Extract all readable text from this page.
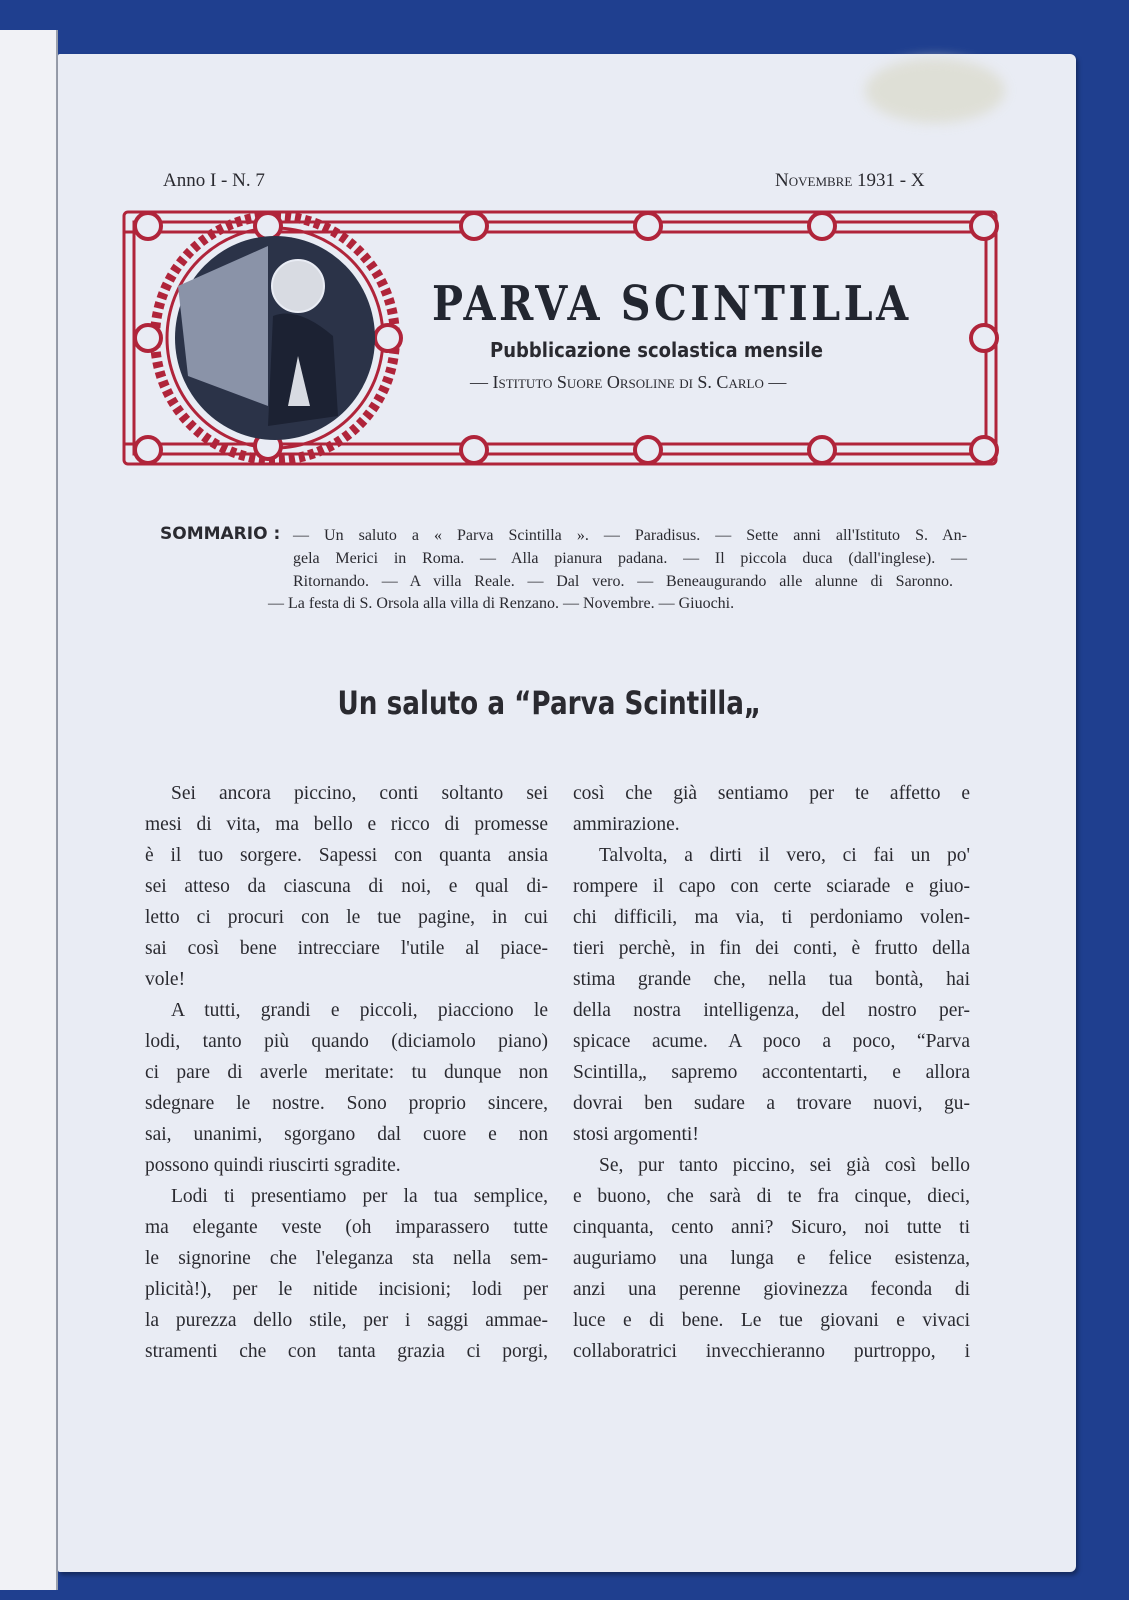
Anno I - N. 7	Novembre 1931 - X
PARVA SCINTILLA
Pubblicazione scolastica mensile
— Istituto Suore Orsoline di S. Carlo —
SOMMARIO : — Un saluto a « Parva Scintilla ». — Paradisus. — Sette anni all'Istituto S. An-
gela Merici in Roma. — Alla pianura padana. — Il piccola duca (dall'inglese). —
Ritornando. — A villa Reale. — Dal vero. — Beneaugurando alle alunne di Saronno.
— La festa di S. Orsola alla villa di Renzano. — Novembre. — Giuochi.
Un saluto a “Parva Scintilla„
Sei ancora piccino, conti soltanto sei
mesi di vita, ma bello e ricco di promesse
è il tuo sorgere. Sapessi con quanta ansia
sei atteso da ciascuna di noi, e qual di-
letto ci procuri con le tue pagine, in cui
sai così bene intrecciare l'utile al piace-
vole!
A tutti, grandi e piccoli, piacciono le
lodi, tanto più quando (diciamolo piano)
ci pare di averle meritate: tu dunque non
sdegnare le nostre. Sono proprio sincere,
sai, unanimi, sgorgano dal cuore e non
possono quindi riuscirti sgradite.
Lodi ti presentiamo per la tua semplice,
ma elegante veste (oh imparassero tutte
le signorine che l'eleganza sta nella sem-
plicità!), per le nitide incisioni; lodi per
la purezza dello stile, per i saggi ammae-
stramenti che con tanta grazia ci porgi,
così che già sentiamo per te affetto e
ammirazione.
Talvolta, a dirti il vero, ci fai un po'
rompere il capo con certe sciarade e giuo-
chi difficili, ma via, ti perdoniamo volen-
tieri perchè, in fin dei conti, è frutto della
stima grande che, nella tua bontà, hai
della nostra intelligenza, del nostro per-
spicace acume. A poco a poco, “Parva
Scintilla„ sapremo accontentarti, e allora
dovrai ben sudare a trovare nuovi, gu-
stosi argomenti!
Se, pur tanto piccino, sei già così bello
e buono, che sarà di te fra cinque, dieci,
cinquanta, cento anni? Sicuro, noi tutte ti
auguriamo una lunga e felice esistenza,
anzi una perenne giovinezza feconda di
luce e di bene. Le tue giovani e vivaci
collaboratrici invecchieranno purtroppo, i
